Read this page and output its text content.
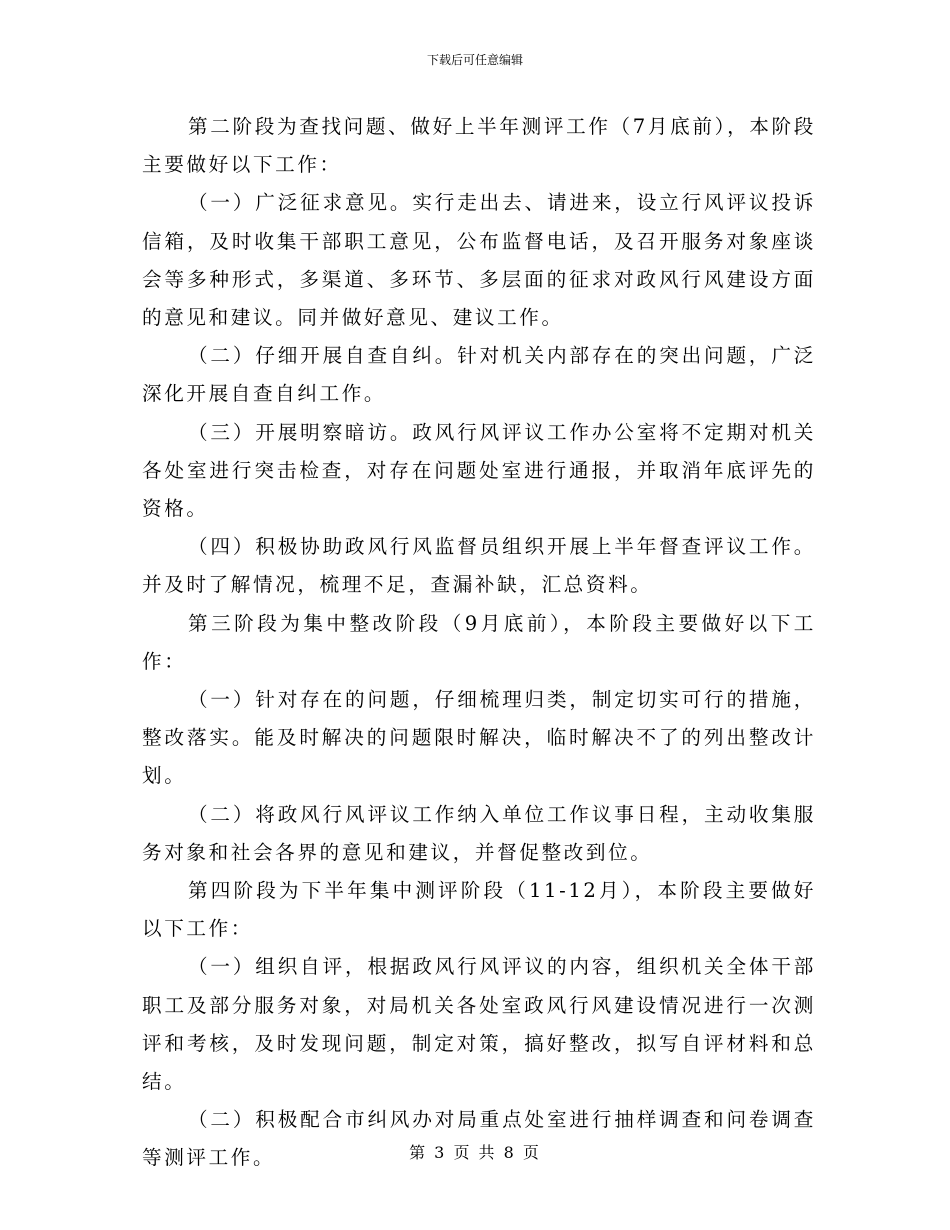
下载后可任意编辑

第二阶段为查找问题、做好上半年测评工作（7月底前），本阶段主要做好以下工作：

（一）广泛征求意见。实行走出去、请进来，设立行风评议投诉信箱，及时收集干部职工意见，公布监督电话，及召开服务对象座谈会等多种形式，多渠道、多环节、多层面的征求对政风行风建设方面的意见和建议。同并做好意见、建议工作。

（二）仔细开展自查自纠。针对机关内部存在的突出问题，广泛深化开展自查自纠工作。

（三）开展明察暗访。政风行风评议工作办公室将不定期对机关各处室进行突击检查，对存在问题处室进行通报，并取消年底评先的资格。

（四）积极协助政风行风监督员组织开展上半年督查评议工作。并及时了解情况，梳理不足，查漏补缺，汇总资料。

第三阶段为集中整改阶段（9月底前），本阶段主要做好以下工作：

（一）针对存在的问题，仔细梳理归类，制定切实可行的措施，整改落实。能及时解决的问题限时解决，临时解决不了的列出整改计划。

（二）将政风行风评议工作纳入单位工作议事日程，主动收集服务对象和社会各界的意见和建议，并督促整改到位。

第四阶段为下半年集中测评阶段（11-12月），本阶段主要做好以下工作：

（一）组织自评，根据政风行风评议的内容，组织机关全体干部职工及部分服务对象，对局机关各处室政风行风建设情况进行一次测评和考核，及时发现问题，制定对策，搞好整改，拟写自评材料和总结。

（二）积极配合市纠风办对局重点处室进行抽样调查和问卷调查等测评工作。	第 3 页 共 8 页
